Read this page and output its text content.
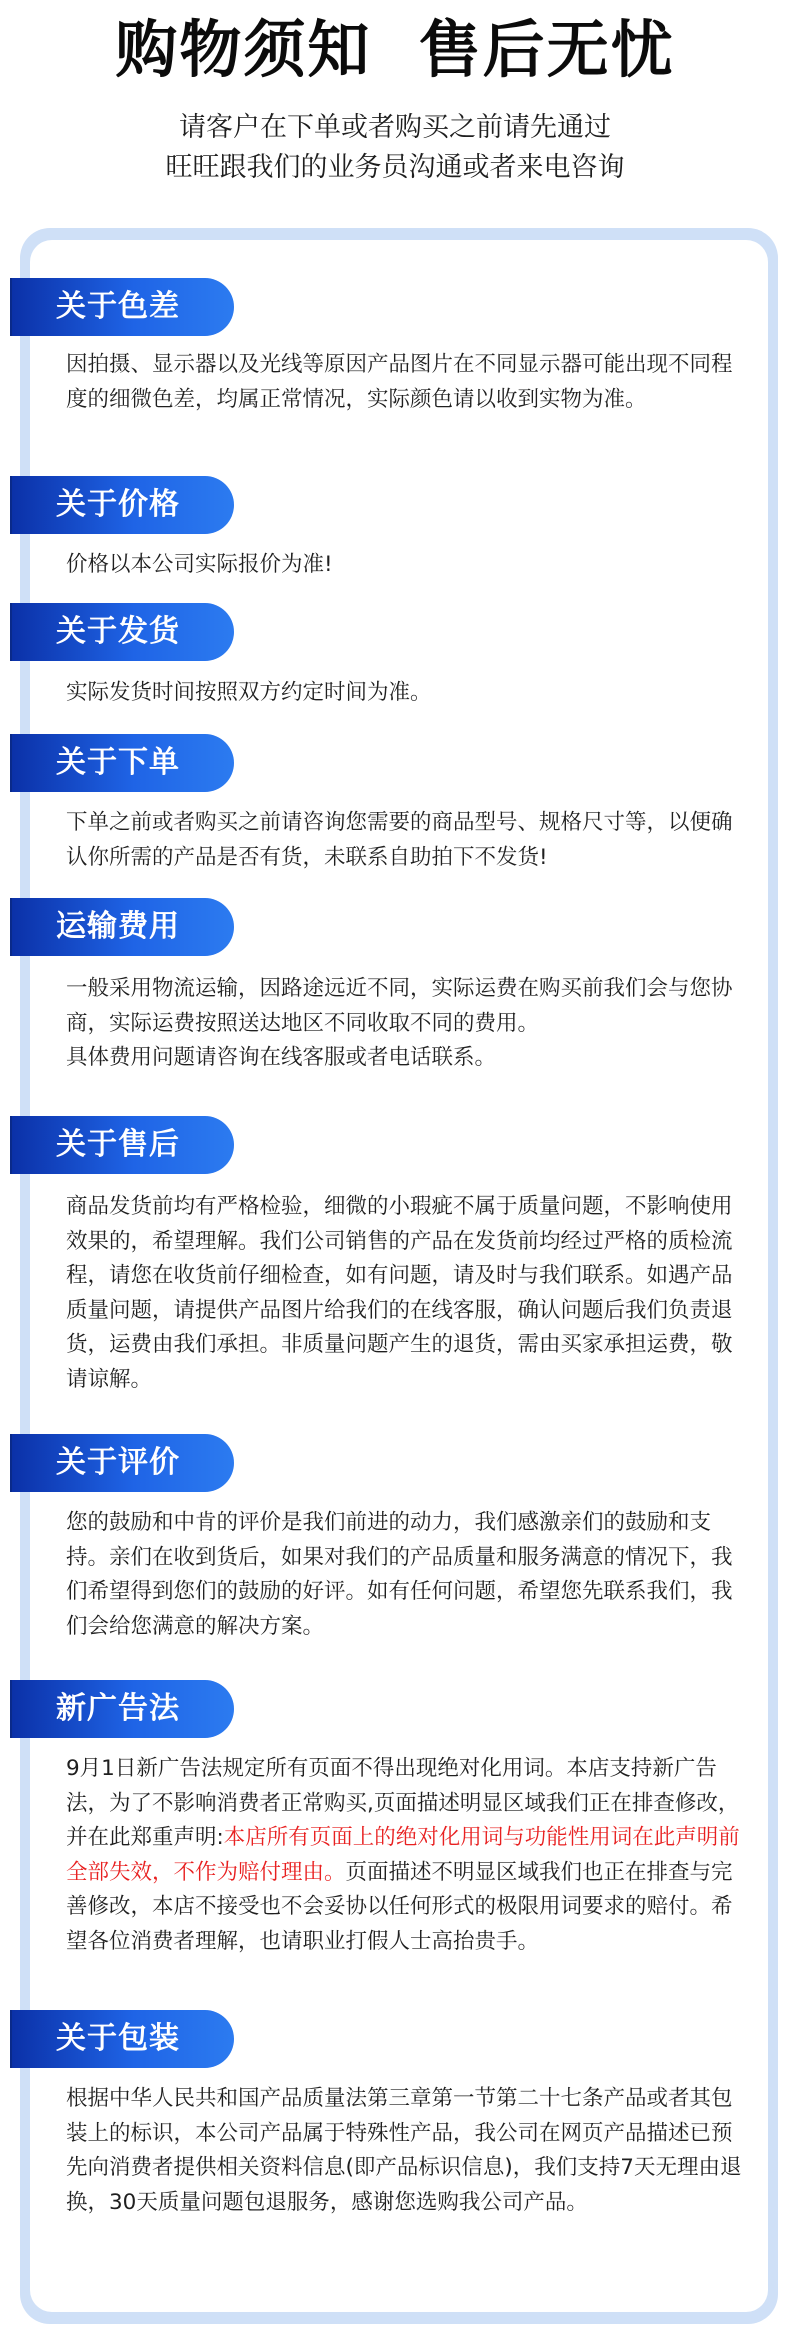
购物须知  售后无忧
请客户在下单或者购买之前请先通过
旺旺跟我们的业务员沟通或者来电咨询
关于色差
因拍摄、显示器以及光线等原因产品图片在不同显示器可能出现不同程度的细微色差，均属正常情况，实际颜色请以收到实物为准。
关于价格
价格以本公司实际报价为准!
关于发货
实际发货时间按照双方约定时间为准。
关于下单
下单之前或者购买之前请咨询您需要的商品型号、规格尺寸等，以便确认你所需的产品是否有货，未联系自助拍下不发货!
运输费用
一般采用物流运输，因路途远近不同，实际运费在购买前我们会与您协商，实际运费按照送达地区不同收取不同的费用。
具体费用问题请咨询在线客服或者电话联系。
关于售后
商品发货前均有严格检验，细微的小瑕疵不属于质量问题，不影响使用效果的，希望理解。我们公司销售的产品在发货前均经过严格的质检流程，请您在收货前仔细检查，如有问题，请及时与我们联系。如遇产品质量问题，请提供产品图片给我们的在线客服，确认问题后我们负责退货，运费由我们承担。非质量问题产生的退货，需由买家承担运费，敬请谅解。
关于评价
您的鼓励和中肯的评价是我们前进的动力，我们感激亲们的鼓励和支持。亲们在收到货后，如果对我们的产品质量和服务满意的情况下，我们希望得到您们的鼓励的好评。如有任何问题，希望您先联系我们，我们会给您满意的解决方案。
新广告法
9月1日新广告法规定所有页面不得出现绝对化用词。本店支持新广告法，为了不影响消费者正常购买,页面描述明显区域我们正在排查修改，并在此郑重声明:本店所有页面上的绝对化用词与功能性用词在此声明前全部失效，不作为赔付理由。页面描述不明显区域我们也正在排查与完善修改，本店不接受也不会妥协以任何形式的极限用词要求的赔付。希望各位消费者理解，也请职业打假人士高抬贵手。
关于包装
根据中华人民共和国产品质量法第三章第一节第二十七条产品或者其包装上的标识，本公司产品属于特殊性产品，我公司在网页产品描述已预先向消费者提供相关资料信息(即产品标识信息)，我们支持7天无理由退换，30天质量问题包退服务，感谢您选购我公司产品。
